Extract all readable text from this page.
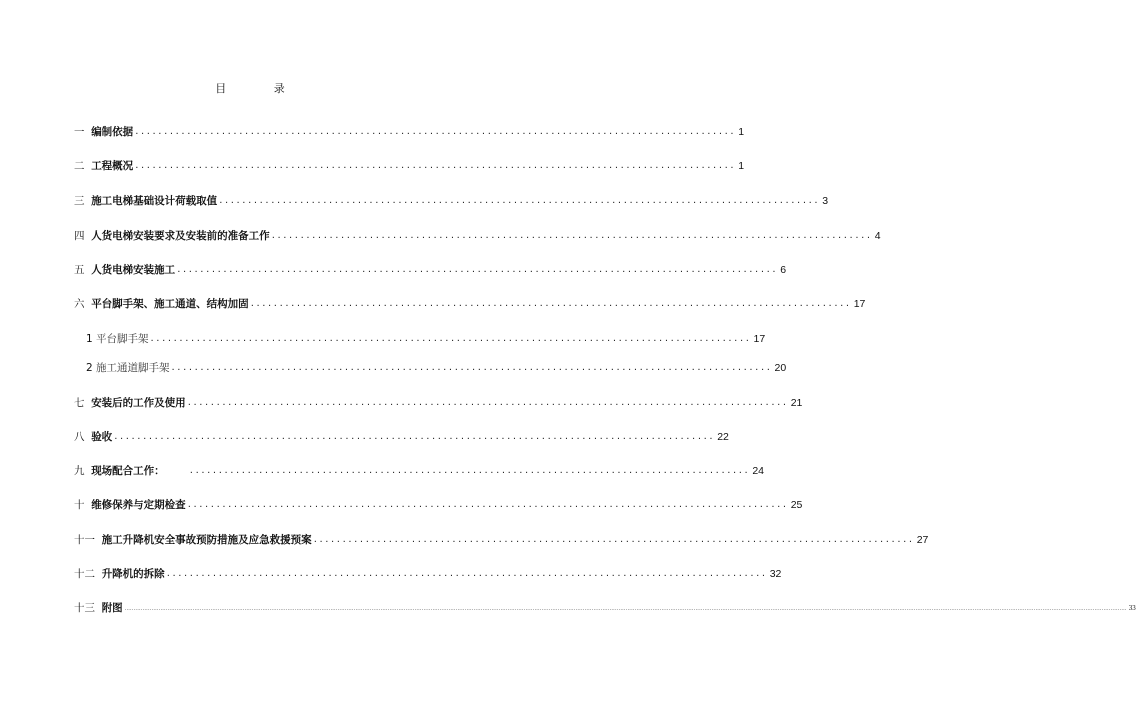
目 录
一
编制依据 ........................................................................................................ 1
二
工程概况 ........................................................................................................ 1
三
施工电梯基础设计荷载取值 ........................................................................................................ 3
四
人货电梯安装要求及安装前的准备工作 ........................................................................................................ 4
五
人货电梯安装施工 ........................................................................................................ 6
六
平台脚手架、施工通道、结构加固 ........................................................................................................ 17
1
平台脚手架 ........................................................................................................ 17
2
施工通道脚手架 ........................................................................................................ 20
七
安装后的工作及使用 ........................................................................................................ 21
八
验收 ........................................................................................................ 22
九
现场配合工作： ................................................................................................. 24
十
维修保养与定期检查 ........................................................................................................ 25
十一
施工升降机安全事故预防措施及应急救援预案 ........................................................................................................ 27
十二
升降机的拆除 ........................................................................................................ 32
十三
附图 ................................................................................................................................................................................................................................................................................................................................................................................................................................................................................................................................................................................ 33
